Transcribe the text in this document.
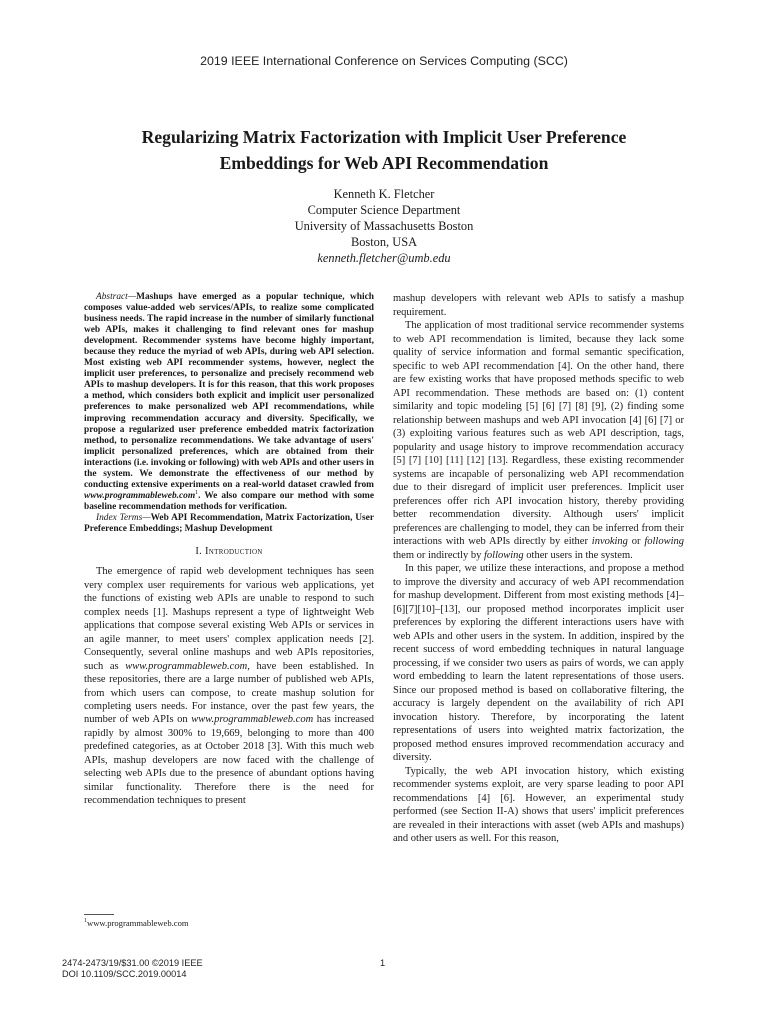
2019 IEEE International Conference on Services Computing (SCC)
Regularizing Matrix Factorization with Implicit User Preference
Embeddings for Web API Recommendation
Kenneth K. Fletcher
Computer Science Department
University of Massachusetts Boston
Boston, USA
kenneth.fletcher@umb.edu

Abstract—Mashups have emerged as a popular technique, which composes value-added web services/APIs, to realize some complicated business needs. The rapid increase in the number of similarly functional web APIs, makes it challenging to find relevant ones for mashup development. Recommender systems have become highly important, because they reduce the myriad of web APIs, during web API selection. Most existing web API recommender systems, however, neglect the implicit user preferences, to personalize and precisely recommend web APIs to mashup developers. It is for this reason, that this work proposes a method, which considers both explicit and implicit user personalized preferences to make personalized web API recommendations, while improving recommendation accuracy and diversity. Specifically, we propose a regularized user preference embedded matrix factorization method, to personalize recommendations. We take advantage of users' implicit personalized preferences, which are obtained from their interactions (i.e. invoking or following) with web APIs and other users in the system. We demonstrate the effectiveness of our method by conducting extensive experiments on a real-world dataset crawled from www.programmableweb.com$^1$. We also compare our method with some baseline recommendation methods for verification.

Index Terms—Web API Recommendation, Matrix Factorization, User Preference Embeddings; Mashup Development

I. Introduction

The emergence of rapid web development techniques has seen very complex user requirements for various web applications, yet the functions of existing web APIs are unable to respond to such complex needs [1]. Mashups represent a type of lightweight Web applications that compose several existing Web APIs or services in an agile manner, to meet users' complex application needs [2]. Consequently, several online mashups and web APIs repositories, such as www.programmableweb.com, have been established. In these repositories, there are a large number of published web APIs, from which users can compose, to create mashup solution for completing users needs. For instance, over the past few years, the number of web APIs on www.programmableweb.com has increased rapidly by almost 300% to 19,669, belonging to more than 400 predefined categories, as at October 2018 [3]. With this much web APIs, mashup developers are now faced with the challenge of selecting web APIs due to the presence of abundant options having similar functionality. Therefore there is the need for recommendation techniques to present

mashup developers with relevant web APIs to satisfy a mashup requirement.

The application of most traditional service recommender systems to web API recommendation is limited, because they lack some quality of service information and formal semantic specification, specific to web API recommendation [4]. On the other hand, there are few existing works that have proposed methods specific to web API recommendation. These methods are based on: (1) content similarity and topic modeling [5] [6] [7] [8] [9], (2) finding some relationship between mashups and web API invocation [4] [6] [7] or (3) exploiting various features such as web API description, tags, popularity and usage history to improve recommendation accuracy [5] [7] [10] [11] [12] [13]. Regardless, these existing recommender systems are incapable of personalizing web API recommendation due to their disregard of implicit user preferences. Implicit user preferences offer rich API invocation history, thereby providing better recommendation diversity. Although users' implicit preferences are challenging to model, they can be inferred from their interactions with web APIs directly by either invoking or following them or indirectly by following other users in the system.

In this paper, we utilize these interactions, and propose a method to improve the diversity and accuracy of web API recommendation for mashup development. Different from most existing methods [4]–[6][7][10]–[13], our proposed method incorporates implicit user preferences by exploring the different interactions users have with web APIs and other users in the system. In addition, inspired by the recent success of word embedding techniques in natural language processing, if we consider two users as pairs of words, we can apply word embedding to learn the latent representations of those users. Since our proposed method is based on collaborative filtering, the accuracy is largely dependent on the availability of rich API invocation history. Therefore, by incorporating the latent representations of users into weighted matrix factorization, the proposed method ensures improved recommendation accuracy and diversity.

Typically, the web API invocation history, which existing recommender systems exploit, are very sparse leading to poor API recommendations [4] [6]. However, an experimental study performed (see Section II-A) shows that users' implicit preferences are revealed in their interactions with asset (web APIs and mashups) and other users as well. For this reason,

$^1$www.programmableweb.com
2474-2473/19/$31.00 ©2019 IEEE
DOI 10.1109/SCC.2019.00014
1
